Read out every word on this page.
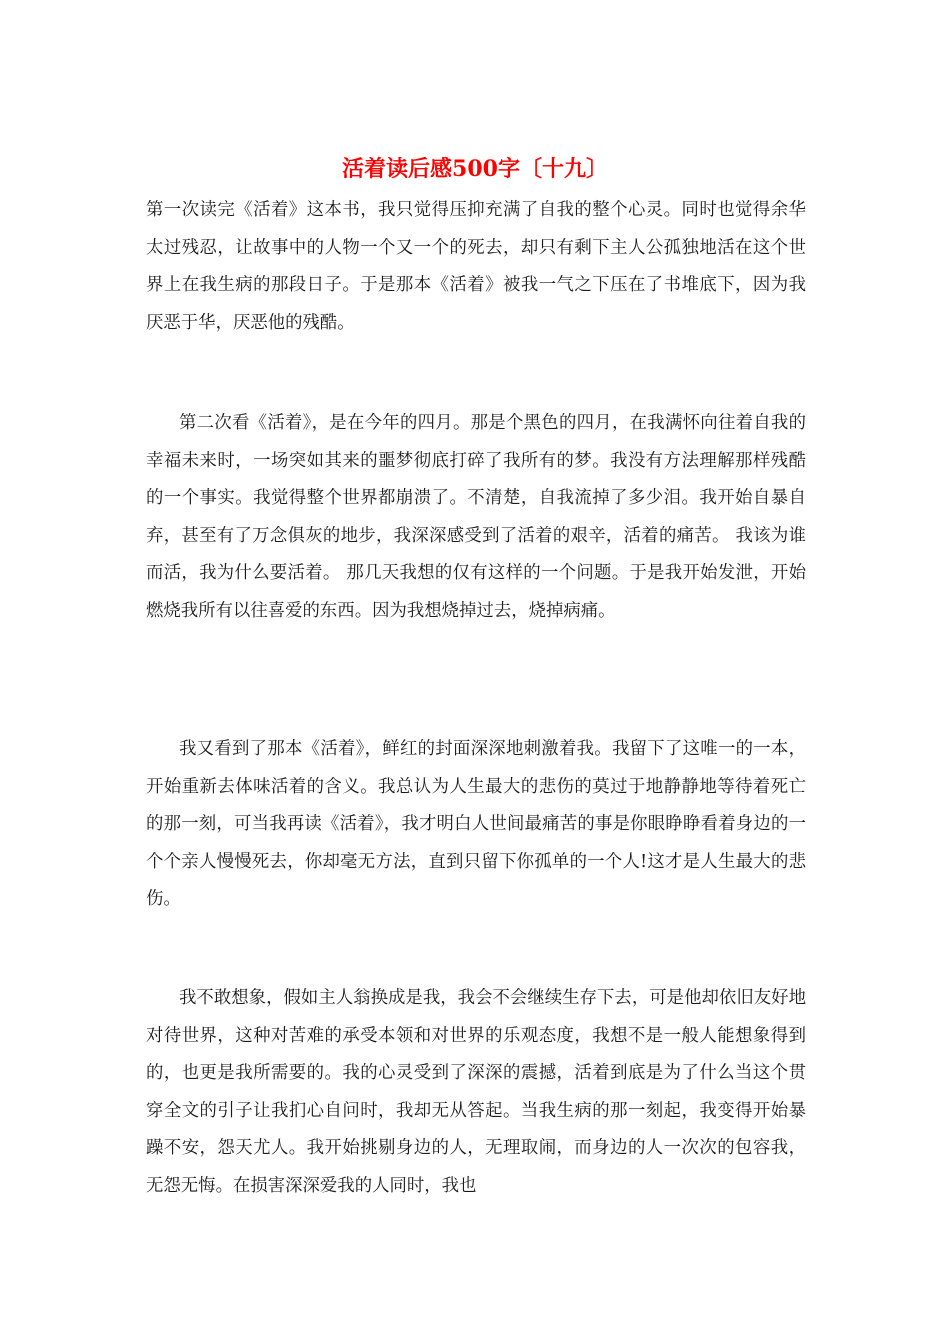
活着读后感500字〔十九〕

第一次读完《活着》这本书，我只觉得压抑充满了自我的整个心灵。同时也觉得余华太过残忍，让故事中的人物一个又一个的死去，却只有剩下主人公孤独地活在这个世界上在我生病的那段日子。于是那本《活着》被我一气之下压在了书堆底下，因为我厌恶于华，厌恶他的残酷。

第二次看《活着》，是在今年的四月。那是个黑色的四月，在我满怀向往着自我的幸福未来时，一场突如其来的噩梦彻底打碎了我所有的梦。我没有方法理解那样残酷的一个事实。我觉得整个世界都崩溃了。不清楚，自我流掉了多少泪。我开始自暴自弃，甚至有了万念俱灰的地步，我深深感受到了活着的艰辛，活着的痛苦。 我该为谁而活，我为什么要活着。 那几天我想的仅有这样的一个问题。于是我开始发泄，开始燃烧我所有以往喜爱的东西。因为我想烧掉过去，烧掉病痛。

我又看到了那本《活着》，鲜红的封面深深地刺激着我。我留下了这唯一的一本，开始重新去体味活着的含义。我总认为人生最大的悲伤的莫过于地静静地等待着死亡的那一刻，可当我再读《活着》，我才明白人世间最痛苦的事是你眼睁睁看着身边的一个个亲人慢慢死去，你却毫无方法，直到只留下你孤单的一个人!这才是人生最大的悲伤。

我不敢想象，假如主人翁换成是我，我会不会继续生存下去，可是他却依旧友好地对待世界，这种对苦难的承受本领和对世界的乐观态度，我想不是一般人能想象得到的，也更是我所需要的。我的心灵受到了深深的震撼，活着到底是为了什么当这个贯穿全文的引子让我扪心自问时，我却无从答起。当我生病的那一刻起，我变得开始暴躁不安，怨天尤人。我开始挑剔身边的人，无理取闹，而身边的人一次次的包容我，无怨无悔。在损害深深爱我的人同时，我也
